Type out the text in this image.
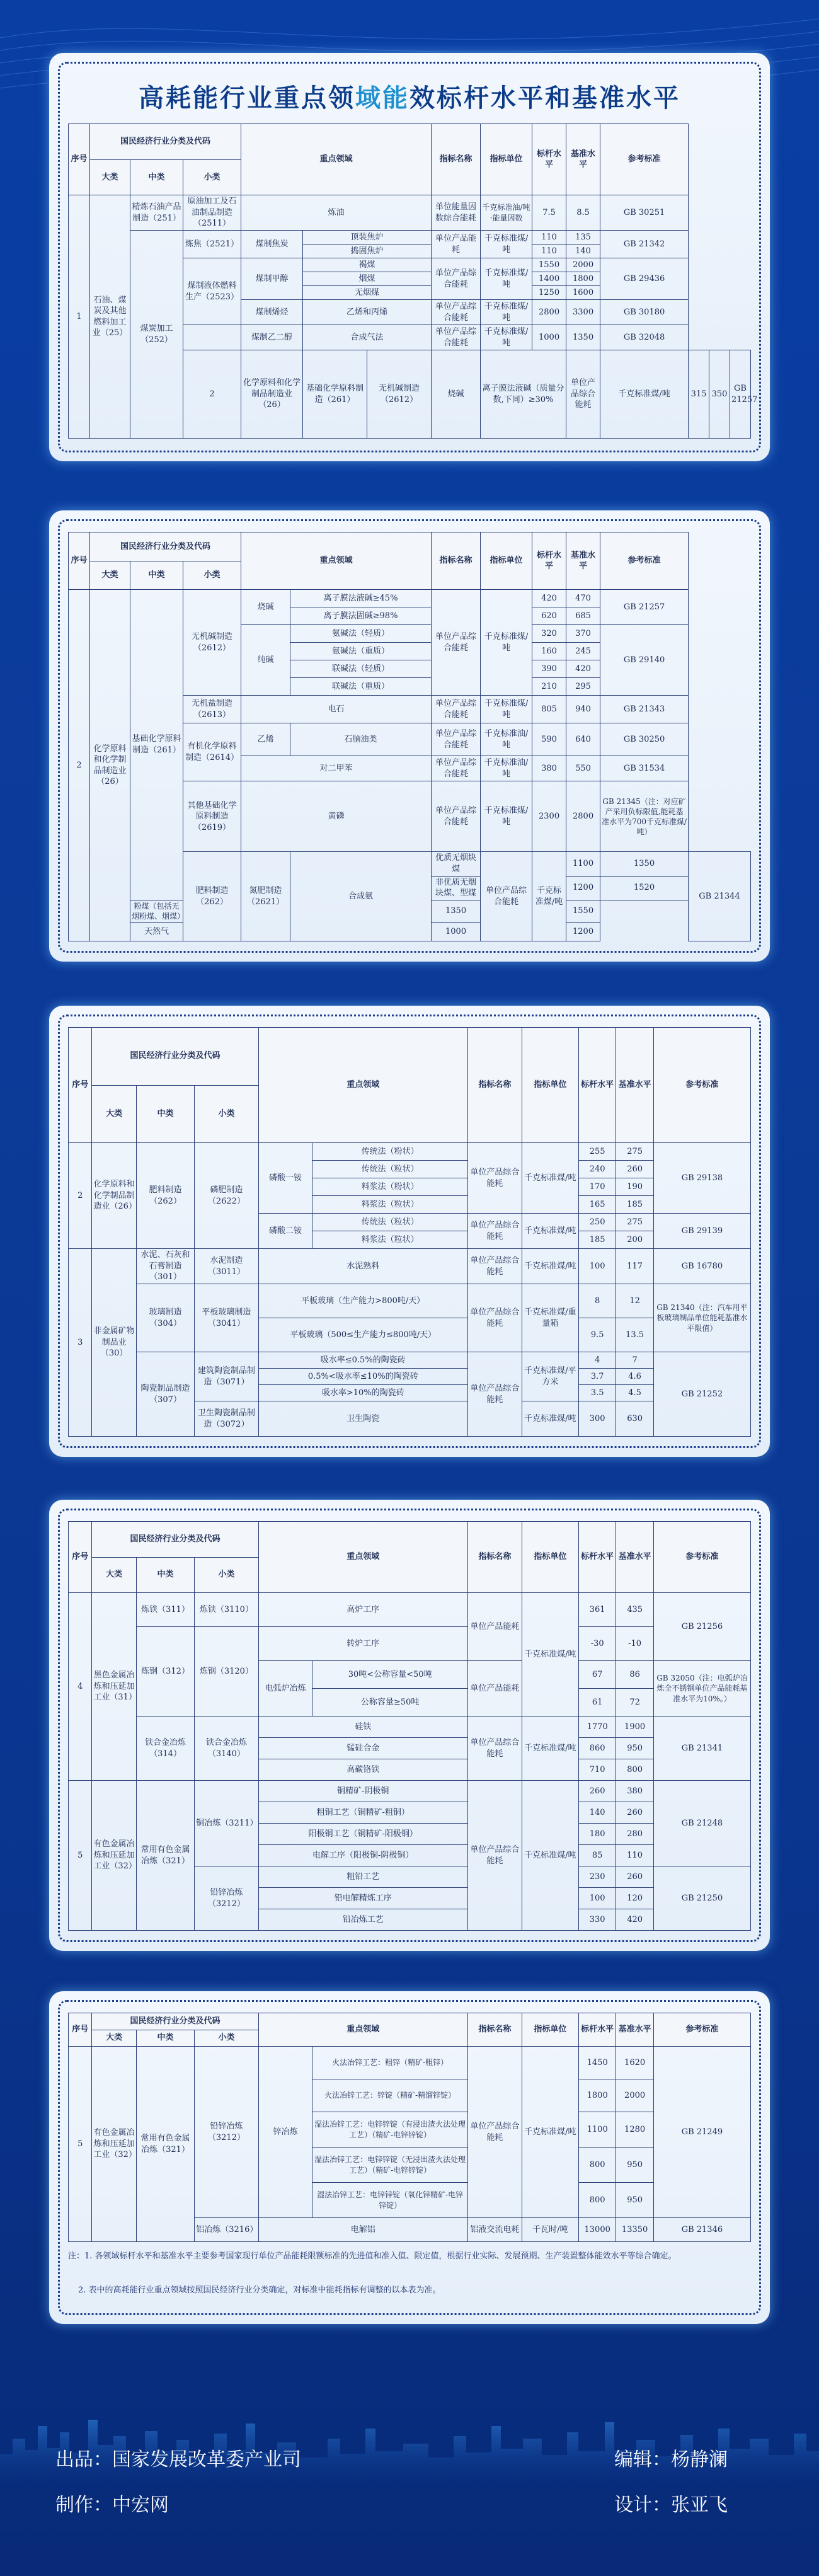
高耗能行业重点领域能效标杆水平和基准水平
序号	国民经济行业分类及代码			重点领域			指标名称	指标单位	标杆水平	基准水平	参考标准			
	大类	中类	小类											
1	石油、煤炭及其他燃料加工业（25）	精炼石油产品制造（251）	原油加工及石油制品制造（2511）	炼油			单位能量因数综合能耗	千克标准油/吨·能量因数	7.5	8.5	GB 30251			
		煤炭加工（252）	炼焦（2521）	煤制焦炭	顶装焦炉		单位产品能耗	千克标准煤/吨	110	135	GB 21342			
					捣固焦炉				110	140				
			煤制液体燃料生产（2523）	煤制甲醇	褐煤		单位产品综合能耗	千克标准煤/吨	1550	2000	GB 29436			
					烟煤				1400	1800				
					无烟煤				1250	1600				
				煤制烯烃	乙烯和丙烯		单位产品综合能耗	千克标准煤/吨	2800	3300	GB 30180			
	煤制乙二醇	合成气法		单位产品综合能耗	千克标准煤/吨	1000	1350	GB 32048			
			2	化学原料和化学制品制造业（26）	基础化学原料制造（261）	无机碱制造（2612）	烧碱	离子膜法液碱（质量分数,下同）≥30%		单位产品综合能耗	千克标准煤/吨	315	350	GB 21257
序号	国民经济行业分类及代码			重点领域		指标名称	指标单位	标杆水平	基准水平	参考标准	
	大类	中类	小类								
2	化学原料和化学制品制造业（26）	基础化学原料制造（261）	无机碱制造（2612）	烧碱	离子膜法液碱≥45%	单位产品综合能耗	千克标准煤/吨	420	470	GB 21257	
					离子膜法固碱≥98%			620	685		
				纯碱	氨碱法（轻质）			320	370	GB 29140	
					氨碱法（重质）			160	245		
					联碱法（轻质）			390	420		
					联碱法（重质）			210	295		
			无机盐制造（2613）	电石		单位产品综合能耗	千克标准煤/吨	805	940	GB 21343	
			有机化学原料制造（2614）	乙烯	石脑油类	单位产品综合能耗	千克标准油/吨	590	640	GB 30250	
				对二甲苯		单位产品综合能耗	千克标准油/吨	380	550	GB 31534	
			其他基础化学原料制造（2619）	黄磷		单位产品综合能耗	千克标准煤/吨	2300	2800	GB 21345（注：对应矿产采用负标限值,能耗基准水平为700千克标准煤/吨）	
			肥料制造（262）	氮肥制造（2621）	合成氨	优质无烟块煤	单位产品综合能耗	千克标准煤/吨	1100	1350	GB 21344
						非优质无烟块煤、型煤			1200	1520	
		粉煤（包括无烟粉煤、烟煤）				1350			1550		
		天然气				1000			1200		
序号	国民经济行业分类及代码			重点领域		指标名称	指标单位	标杆水平	基准水平	参考标准
	大类	中类	小类							
2	化学原料和化学制品制造业（26）	肥料制造（262）	磷肥制造（2622）	磷酸一铵	传统法（粉状）	单位产品综合能耗	千克标准煤/吨	255	275	GB 29138
					传统法（粒状）			240	260	
					料浆法（粉状）			170	190	
					料浆法（粒状）			165	185	
				磷酸二铵	传统法（粒状）	单位产品综合能耗	千克标准煤/吨	250	275	GB 29139
					料浆法（粒状）			185	200	
3	非金属矿物制品业（30）	水泥、石灰和石膏制造（301）	水泥制造（3011）	水泥熟料		单位产品综合能耗	千克标准煤/吨	100	117	GB 16780
		玻璃制造（304）	平板玻璃制造（3041）	平板玻璃（生产能力>800吨/天）		单位产品综合能耗	千克标准煤/重量箱	8	12	GB 21340（注：汽车用平板玻璃制品单位能耗基准水平限值）
				平板玻璃（500≤生产能力≤800吨/天）				9.5	13.5	
		陶瓷制品制造（307）	建筑陶瓷制品制造（3071）	吸水率≤0.5%的陶瓷砖		单位产品综合能耗	千克标准煤/平方米	4	7	GB 21252
				0.5%<吸水率≤10%的陶瓷砖				3.7	4.6	
				吸水率>10%的陶瓷砖				3.5	4.5	
			卫生陶瓷制品制造（3072）	卫生陶瓷			千克标准煤/吨	300	630	
序号	国民经济行业分类及代码			重点领域		指标名称	指标单位	标杆水平	基准水平	参考标准
	大类	中类	小类							
4	黑色金属冶炼和压延加工业（31）	炼铁（311）	炼铁（3110）	高炉工序		单位产品能耗	千克标准煤/吨	361	435	GB 21256
		炼钢（312）	炼钢（3120）	转炉工序				-30	-10	
				电弧炉冶炼	30吨<公称容量<50吨	单位产品能耗		67	86	GB 32050（注：电弧炉冶炼全不锈钢单位产品能耗基准水平为10%。）
					公称容量≥50吨			61	72	
		铁合金冶炼（314）	铁合金冶炼（3140）	硅铁		单位产品综合能耗	千克标准煤/吨	1770	1900	GB 21341
				锰硅合金				860	950	
				高碳铬铁				710	800	
5	有色金属冶炼和压延加工业（32）	常用有色金属冶炼（321）	铜冶炼（3211）	铜精矿-阴极铜		单位产品综合能耗	千克标准煤/吨	260	380	GB 21248
				粗铜工艺（铜精矿-粗铜）				140	260	
				阳极铜工艺（铜精矿-阳极铜）				180	280	
				电解工序（阳极铜-阴极铜）				85	110	
			铅锌冶炼（3212）	粗铅工艺				230	260	GB 21250
				铅电解精炼工序				100	120	
				铅冶炼工艺				330	420	
序号	国民经济行业分类及代码			重点领域		指标名称	指标单位	标杆水平	基准水平	参考标准
	大类	中类	小类							
5	有色金属冶炼和压延加工业（32）	常用有色金属冶炼（321）	铅锌冶炼（3212）	锌冶炼	火法冶锌工艺：粗锌（精矿-粗锌）	单位产品综合能耗	千克标准煤/吨	1450	1620	GB 21249
					火法冶锌工艺：锌锭（精矿-精馏锌锭）			1800	2000	
					湿法冶锌工艺：电锌锌锭（有浸出渣火法处理工艺）（精矿-电锌锌锭）			1100	1280	
					湿法冶锌工艺：电锌锌锭（无浸出渣火法处理工艺）（精矿-电锌锌锭）			800	950	
					湿法冶锌工艺：电锌锌锭（氧化锌精矿-电锌锌锭）			800	950	
			铝冶炼（3216）	电解铝		铝液交流电耗	千瓦时/吨	13000	13350	GB 21346
注：1. 各领域标杆水平和基准水平主要参考国家现行单位产品能耗限额标准的先进值和准入值、限定值，根据行业实际、发展预期、生产装置整体能效水平等综合确定。
2. 表中的高耗能行业重点领域按照国民经济行业分类确定，对标准中能耗指标有调整的以本表为准。
出品：国家发展改革委产业司
制作：中宏网
编辑：杨静澜
设计：张亚飞
